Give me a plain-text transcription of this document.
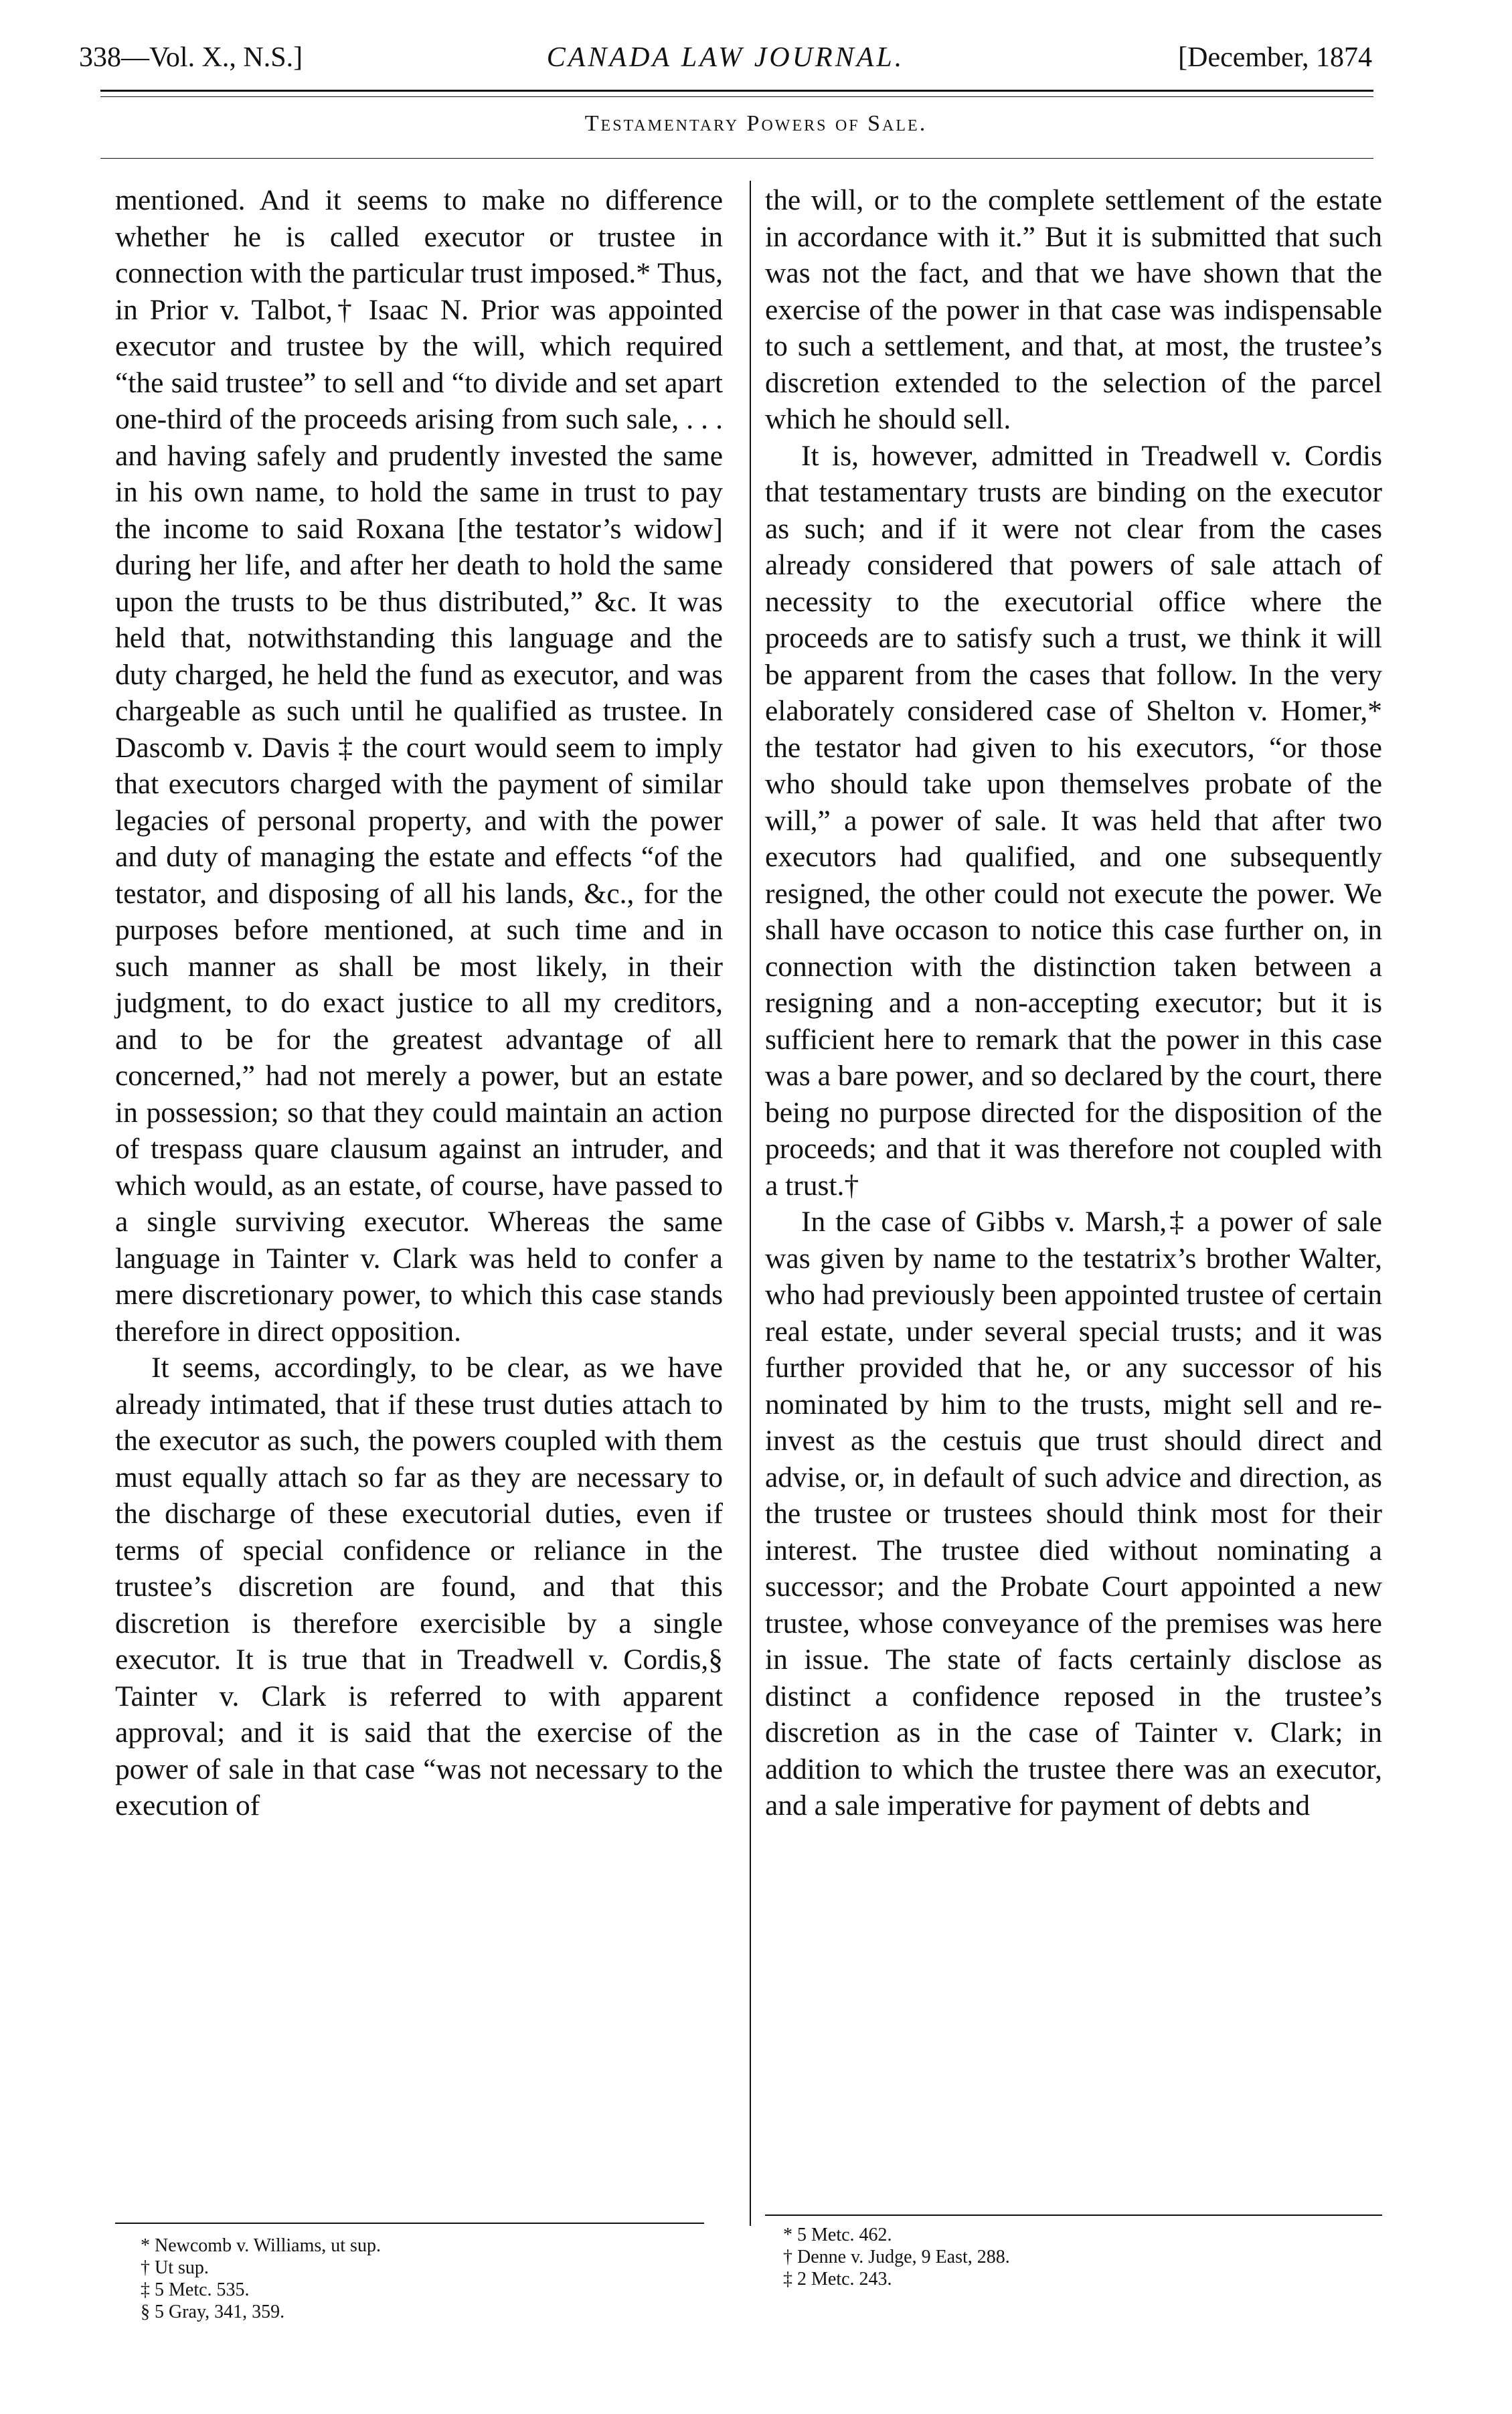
338—Vol. X., N.S.]	CANADA LAW JOURNAL.	[December, 1874
Testamentary Powers of Sale.

mentioned. And it seems to make no difference whether he is called executor or trustee in connection with the particular trust imposed.* Thus, in Prior v. Talbot,† Isaac N. Prior was appointed executor and trustee by the will, which required “the said trustee” to sell and “to divide and set apart one-third of the proceeds arising from such sale, . . . and having safely and prudently invested the same in his own name, to hold the same in trust to pay the income to said Roxana [the testator’s widow] during her life, and after her death to hold the same upon the trusts to be thus distributed,” &c. It was held that, notwithstanding this language and the duty charged, he held the fund as executor, and was chargeable as such until he qualified as trustee. In Dascomb v. Davis ‡ the court would seem to imply that executors charged with the payment of similar legacies of personal property, and with the power and duty of managing the estate and effects “of the testator, and disposing of all his lands, &c., for the purposes before mentioned, at such time and in such manner as shall be most likely, in their judgment, to do exact justice to all my creditors, and to be for the greatest advantage of all concerned,” had not merely a power, but an estate in possession; so that they could maintain an action of trespass quare clausum against an intruder, and which would, as an estate, of course, have passed to a single surviving executor. Whereas the same language in Tainter v. Clark was held to confer a mere discretionary power, to which this case stands therefore in direct opposition.

It seems, accordingly, to be clear, as we have already intimated, that if these trust duties attach to the executor as such, the powers coupled with them must equally attach so far as they are necessary to the discharge of these executorial duties, even if terms of special confidence or reliance in the trustee’s discretion are found, and that this discretion is therefore exercisible by a single executor. It is true that in Treadwell v. Cordis,§ Tainter v. Clark is referred to with apparent approval; and it is said that the exercise of the power of sale in that case “was not necessary to the execution of

the will, or to the complete settlement of the estate in accordance with it.” But it is submitted that such was not the fact, and that we have shown that the exercise of the power in that case was indispensable to such a settlement, and that, at most, the trustee’s discretion extended to the selection of the parcel which he should sell.

It is, however, admitted in Treadwell v. Cordis that testamentary trusts are binding on the executor as such; and if it were not clear from the cases already considered that powers of sale attach of necessity to the executorial office where the proceeds are to satisfy such a trust, we think it will be apparent from the cases that follow. In the very elaborately considered case of Shelton v. Homer,* the testator had given to his executors, “or those who should take upon themselves probate of the will,” a power of sale. It was held that after two executors had qualified, and one subsequently resigned, the other could not execute the power. We shall have occason to notice this case further on, in connection with the distinction taken between a resigning and a non-accepting executor; but it is sufficient here to remark that the power in this case was a bare power, and so declared by the court, there being no purpose directed for the disposition of the proceeds; and that it was therefore not coupled with a trust.†

In the case of Gibbs v. Marsh,‡ a power of sale was given by name to the testatrix’s brother Walter, who had previously been appointed trustee of certain real estate, under several special trusts; and it was further provided that he, or any successor of his nominated by him to the trusts, might sell and re-invest as the cestuis que trust should direct and advise, or, in default of such advice and direction, as the trustee or trustees should think most for their interest. The trustee died without nominating a successor; and the Probate Court appointed a new trustee, whose conveyance of the premises was here in issue. The state of facts certainly disclose as distinct a confidence reposed in the trustee’s discretion as in the case of Tainter v. Clark; in addition to which the trustee there was an executor, and a sale imperative for payment of debts and

* Newcomb v. Williams, ut sup.
† Ut sup.
‡ 5 Metc. 535.
§ 5 Gray, 341, 359.
* 5 Metc. 462.
† Denne v. Judge, 9 East, 288.
‡ 2 Metc. 243.
